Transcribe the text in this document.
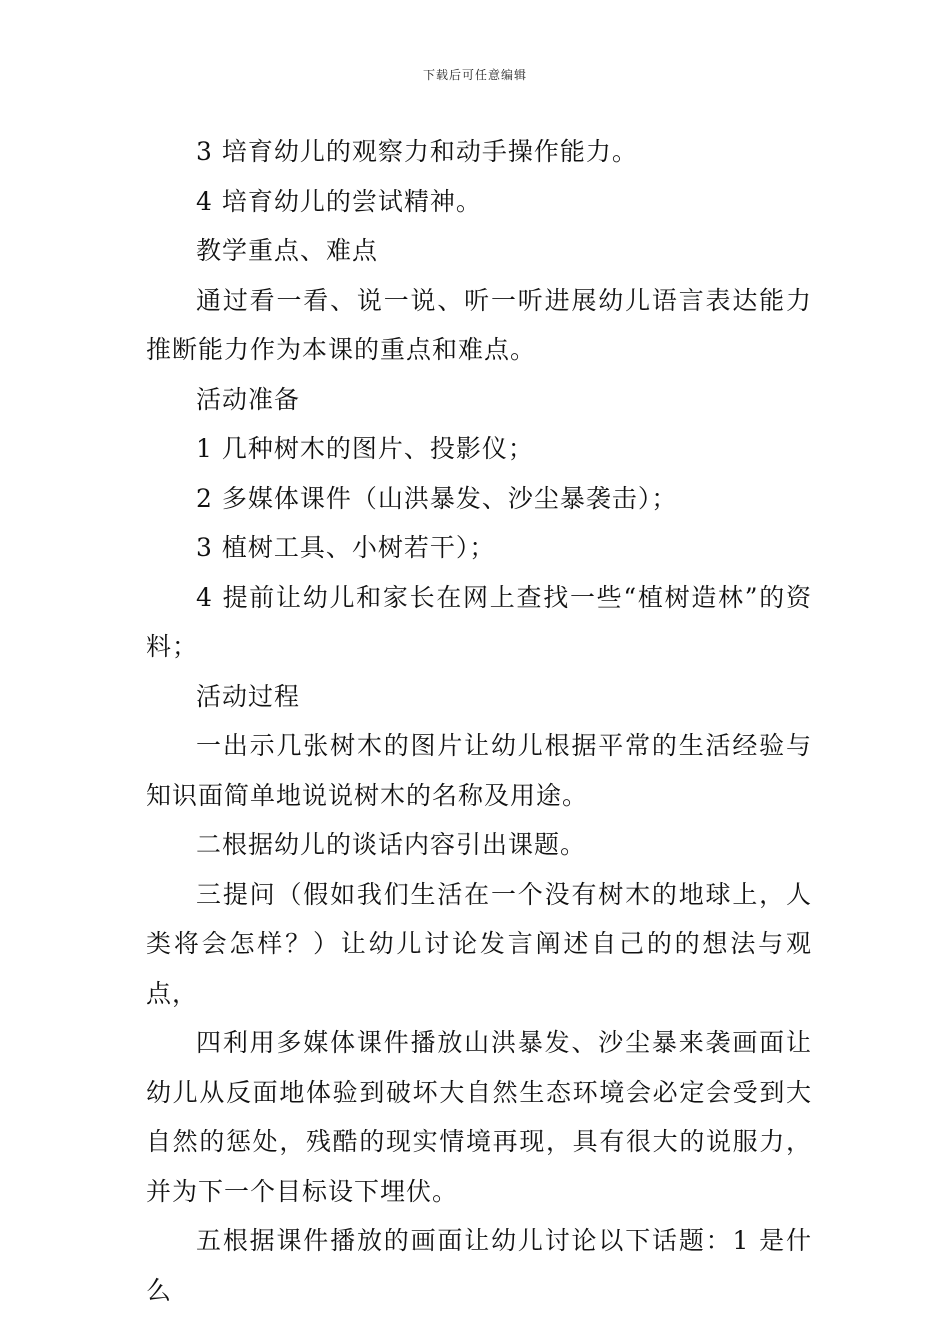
下载后可任意编辑

3 培育幼儿的观察力和动手操作能力。

4 培育幼儿的尝试精神。

教学重点、难点

通过看一看、说一说、听一听进展幼儿语言表达能力推断能力作为本课的重点和难点。

活动准备

1 几种树木的图片、投影仪；

2 多媒体课件（山洪暴发、沙尘暴袭击）；

3 植树工具、小树若干）；

4 提前让幼儿和家长在网上查找一些“植树造林”的资料；

活动过程

一出示几张树木的图片让幼儿根据平常的生活经验与知识面简单地说说树木的名称及用途。

二根据幼儿的谈话内容引出课题。

三提问（假如我们生活在一个没有树木的地球上，人类将会怎样？）让幼儿讨论发言阐述自己的的想法与观点，

四利用多媒体课件播放山洪暴发、沙尘暴来袭画面让幼儿从反面地体验到破坏大自然生态环境会必定会受到大自然的惩处，残酷的现实情境再现，具有很大的说服力，并为下一个目标设下埋伏。

五根据课件播放的画面让幼儿讨论以下话题：1 是什么
